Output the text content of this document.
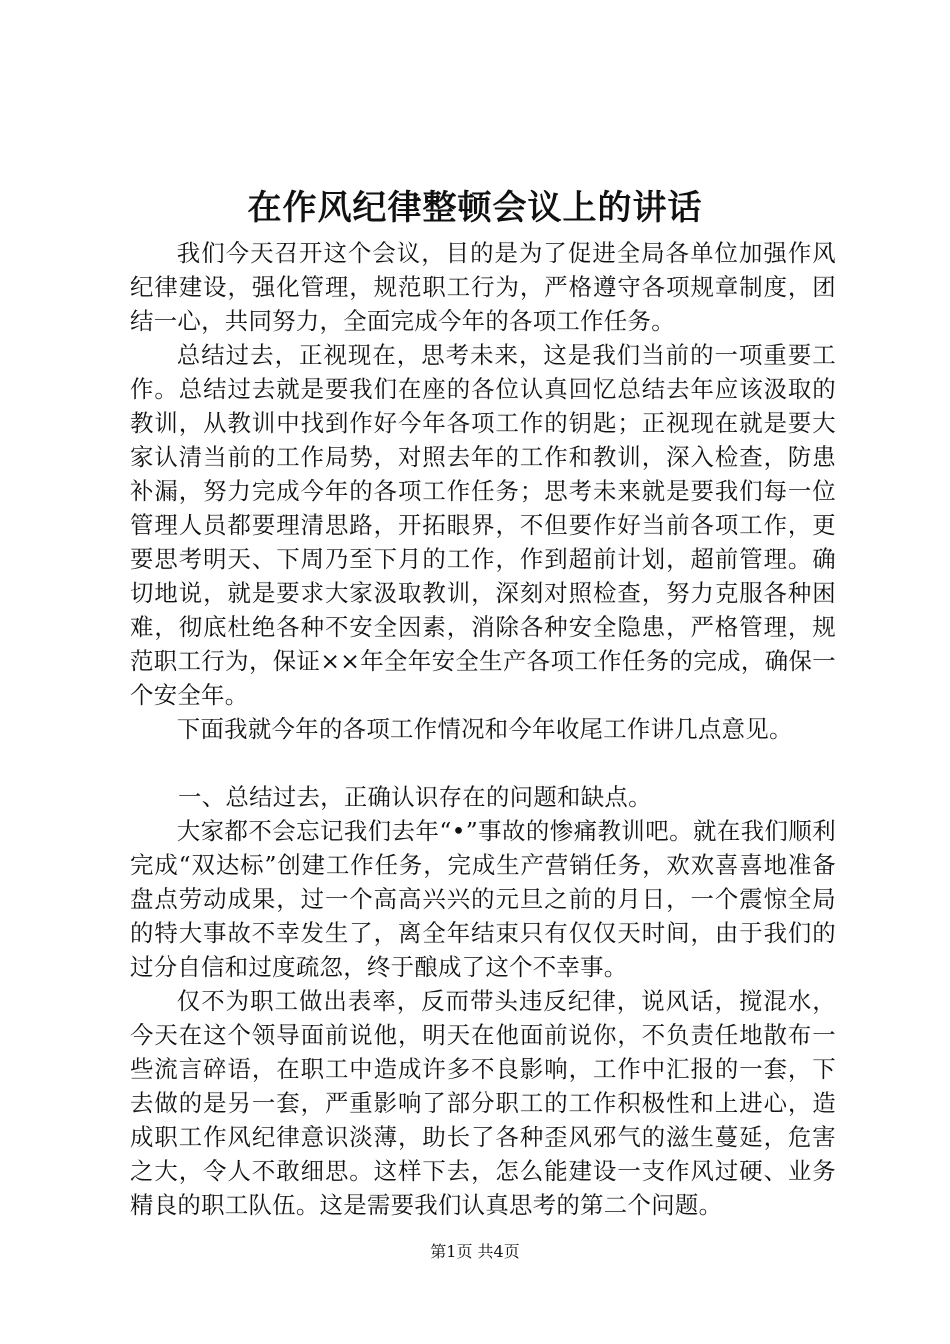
在作风纪律整顿会议上的讲话

我们今天召开这个会议，目的是为了促进全局各单位加强作风纪律建设，强化管理，规范职工行为，严格遵守各项规章制度，团结一心，共同努力，全面完成今年的各项工作任务。

总结过去，正视现在，思考未来，这是我们当前的一项重要工作。总结过去就是要我们在座的各位认真回忆总结去年应该汲取的教训，从教训中找到作好今年各项工作的钥匙；正视现在就是要大家认清当前的工作局势，对照去年的工作和教训，深入检查，防患补漏，努力完成今年的各项工作任务；思考未来就是要我们每一位管理人员都要理清思路，开拓眼界，不但要作好当前各项工作，更要思考明天、下周乃至下月的工作，作到超前计划，超前管理。确切地说，就是要求大家汲取教训，深刻对照检查，努力克服各种困难，彻底杜绝各种不安全因素，消除各种安全隐患，严格管理，规范职工行为，保证××年全年安全生产各项工作任务的完成，确保一个安全年。

下面我就今年的各项工作情况和今年收尾工作讲几点意见。

一、总结过去，正确认识存在的问题和缺点。

大家都不会忘记我们去年“•”事故的惨痛教训吧。就在我们顺利完成“双达标”创建工作任务，完成生产营销任务，欢欢喜喜地准备盘点劳动成果，过一个高高兴兴的元旦之前的月日，一个震惊全局的特大事故不幸发生了，离全年结束只有仅仅天时间，由于我们的过分自信和过度疏忽，终于酿成了这个不幸事。

仅不为职工做出表率，反而带头违反纪律，说风话，搅混水，今天在这个领导面前说他，明天在他面前说你，不负责任地散布一些流言碎语，在职工中造成许多不良影响，工作中汇报的一套，下去做的是另一套，严重影响了部分职工的工作积极性和上进心，造成职工作风纪律意识淡薄，助长了各种歪风邪气的滋生蔓延，危害之大，令人不敢细思。这样下去，怎么能建设一支作风过硬、业务精良的职工队伍。这是需要我们认真思考的第二个问题。

第1页 共4页
